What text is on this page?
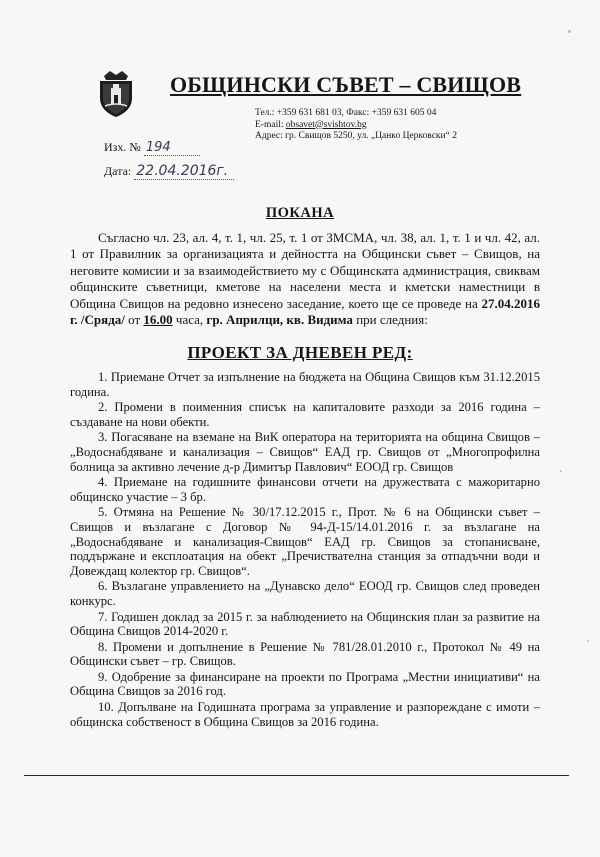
ОБЩИНСКИ СЪВЕТ – СВИЩОВ
Тел.: +359 631 681 03, Факс: +359 631 605 04
E-mail: obsavet@svishtov.bg
Адрес: гр. Свищов 5250, ул. „Цанко Церковски“ 2
Изх. № 194
Дата: 22.04.2016г.
ПОКАНА

Съгласно чл. 23, ал. 4, т. 1, чл. 25, т. 1 от ЗМСМА, чл. 38, ал. 1, т. 1 и чл. 42, ал. 1 от Правилник за организацията и дейността на Общински съвет – Свищов, на неговите комисии и за взаимодействието му с Общинската администрация, свиквам общинските съветници, кметове на населени места и кметски наместници в Община Свищов на редовно изнесено заседание, което ще се проведе на 27.04.2016 г. /Сряда/ от 16.00 часа, гр. Априлци, кв. Видима при следния:

ПРОЕКТ ЗА ДНЕВЕН РЕД:

1. Приемане Отчет за изпълнение на бюджета на Община Свищов към 31.12.2015 година.

2. Промени в поименния списък на капиталовите разходи за 2016 година – създаване на нови обекти.

3. Погасяване на вземане на ВиК оператора на територията на община Свищов – „Водоснабдяване и канализация – Свищов“ ЕАД гр. Свищов от „Многопрофилна болница за активно лечение д-р Димитър Павлович“ ЕООД гр. Свищов

4. Приемане на годишните финансови отчети на дружествата с мажоритарно общинско участие – 3 бр.

5. Отмяна на Решение № 30/17.12.2015 г., Прот. № 6 на Общински съвет – Свищов и възлагане с Договор № 94-Д-15/14.01.2016 г. за възлагане на „Водоснабдяване и канализация-Свищов“ ЕАД гр. Свищов за стопанисване, поддържане и експлоатация на обект „Пречиствателна станция за отпадъчни води и Довеждащ колектор гр. Свищов“.

6. Възлагане управлението на „Дунавско дело“ ЕООД гр. Свищов след проведен конкурс.

7. Годишен доклад за 2015 г. за наблюдението на Общинския план за развитие на Община Свищов 2014-2020 г.

8. Промени и допълнение в Решение № 781/28.01.2010 г., Протокол № 49 на Общински съвет – гр. Свищов.

9. Одобрение за финансиране на проекти по Програма „Местни инициативи“ на Община Свищов за 2016 год.

10. Допълване на Годишната програма за управление и разпореждане с имоти – общинска собственост в Община Свищов за 2016 година.
